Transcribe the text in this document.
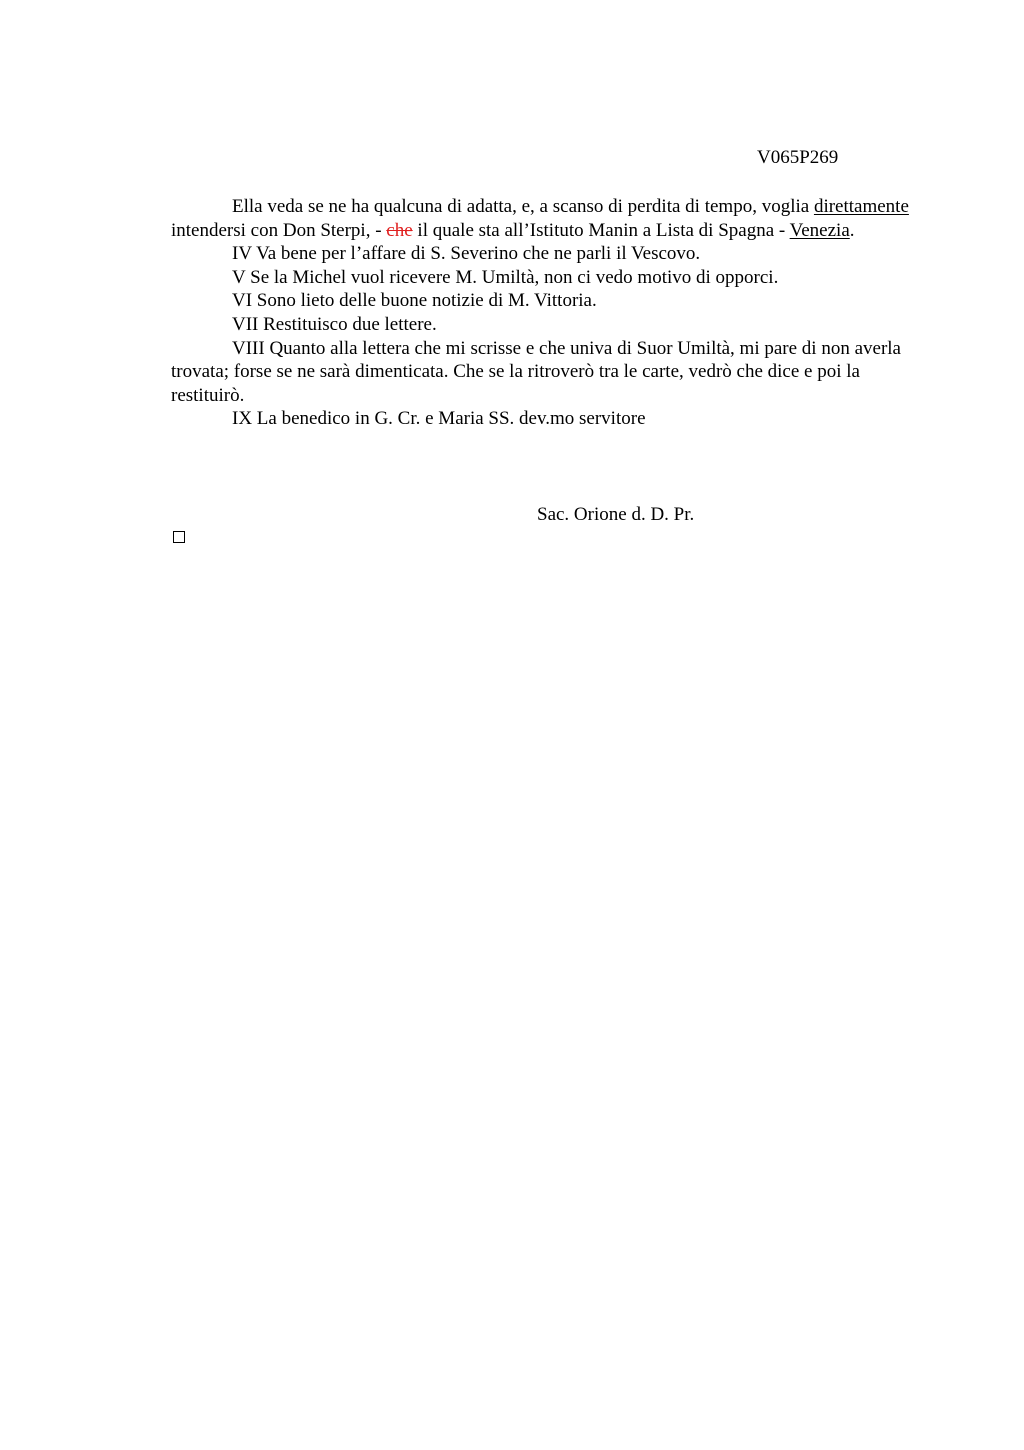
V065P269

Ella veda se ne ha qualcuna di adatta, e, a scanso di perdita di tempo, voglia direttamente intendersi con Don Sterpi, - che il quale sta all’Istituto Manin a Lista di Spagna - Venezia.

IV Va bene per l’affare di S. Severino che ne parli il Vescovo.

V Se la Michel vuol ricevere M. Umiltà, non ci vedo motivo di opporci.

VI Sono lieto delle buone notizie di M. Vittoria.

VII Restituisco due lettere.

VIII Quanto alla lettera che mi scrisse e che univa di Suor Umiltà, mi pare di non averla trovata; forse se ne sarà dimenticata. Che se la ritroverò tra le carte, vedrò che dice e poi la restituirò.

IX La benedico in G. Cr. e Maria SS. dev.mo servitore

Sac. Orione d. D. Pr.
